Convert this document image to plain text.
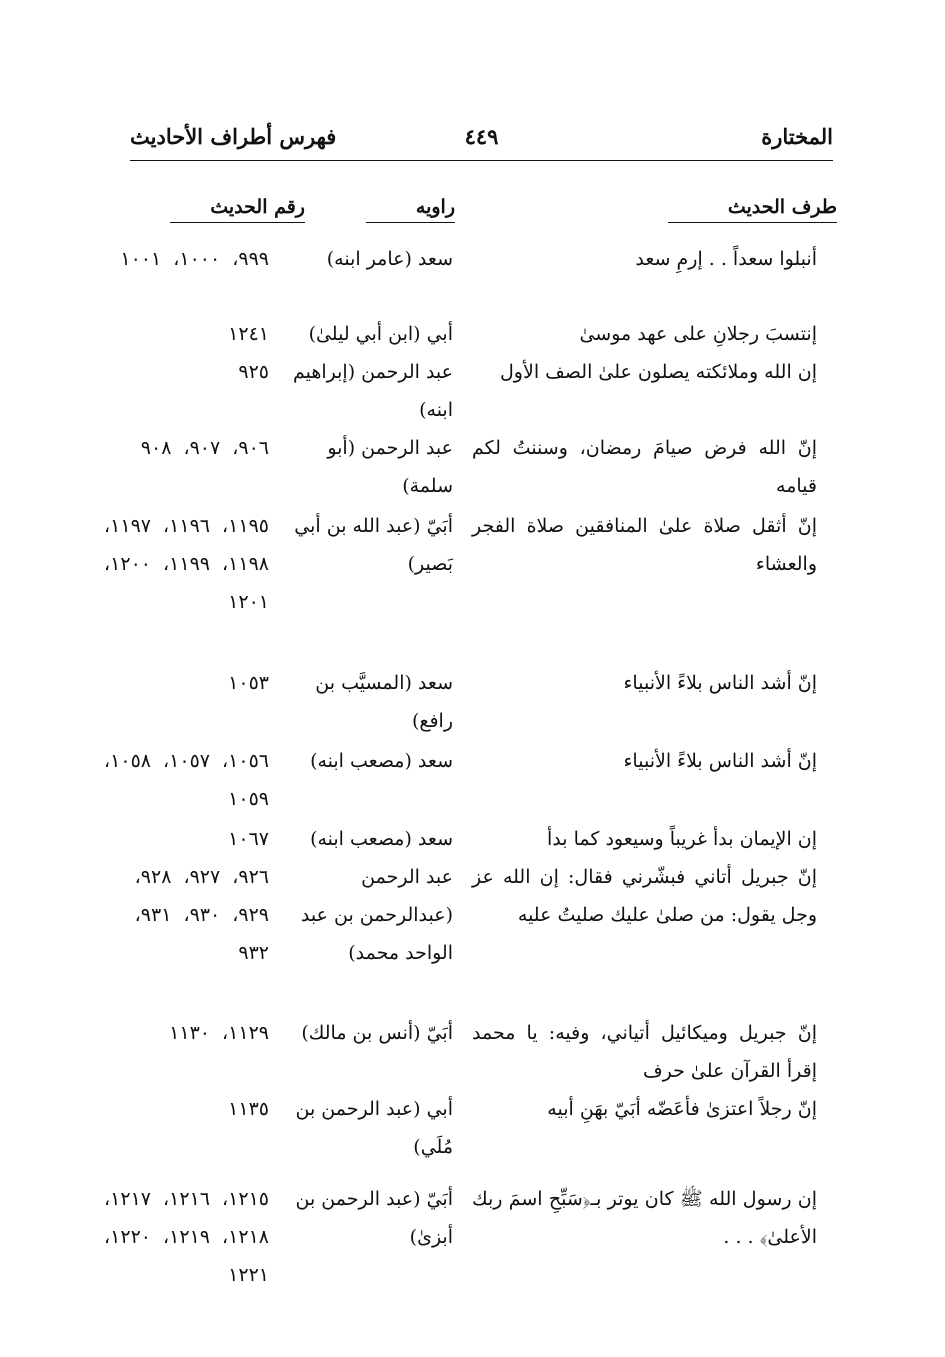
المختارة
٤٤٩
فهرس أطراف الأحاديث
طرف الحديث
راويه
رقم الحديث
أنبلوا سعداً . . إرمِ سعد
سعد (عامر ابنه)
٩٩٩، ١٠٠٠، ١٠٠١
إنتسبَ رجلانِ على عهد موسىٰ
أبي (ابن أبي ليلىٰ)
١٢٤١
إن الله وملائكته يصلون علىٰ الصف الأول
عبد الرحمن (إبراهيم ابنه)
٩٢٥
إنّ الله فرض صيامَ رمضان، وسننتُ لكم قيامه
عبد الرحمن (أبو سلمة)
٩٠٦، ٩٠٧، ٩٠٨
إنّ أثقل صلاة علىٰ المنافقين صلاة الفجر والعشاء
أبَيّ (عبد الله بن أبي بَصير)
١١٩٥، ١١٩٦، ١١٩٧، ١١٩٨، ١١٩٩، ١٢٠٠، ١٢٠١
إنّ أشد الناس بلاءً الأنبياء
سعد (المسيَّب بن رافع)
١٠٥٣
إنّ أشد الناس بلاءً الأنبياء
سعد (مصعب ابنه)
١٠٥٦، ١٠٥٧، ١٠٥٨، ١٠٥٩
إن الإيمان بدأ غريباً وسيعود كما بدأ
سعد (مصعب ابنه)
١٠٦٧
إنّ جبريل أتاني فبشّرني فقال: إن الله عز وجل يقول: من صلىٰ عليك صليتُ عليه
عبد الرحمن (عبدالرحمن بن عبد الواحد محمد)
٩٢٦، ٩٢٧، ٩٢٨، ٩٢٩، ٩٣٠، ٩٣١، ٩٣٢
إنّ جبريل وميكائيل أتياني، وفيه: يا محمد إقرأ القرآن علىٰ حرف
أبَيّ (أنس بن مالك)
١١٢٩، ١١٣٠
إنّ رجلاً اعتزىٰ فأعَضّه أبَيّ بهَنِ أبيه
أبي (عبد الرحمن بن مُلَي)
١١٣٥
إن رسول الله ﷺ كان يوتر بـ﴿سَبِّحِ اسمَ ربك الأعلىٰ﴾ . . .
أبَيّ (عبد الرحمن بن أبزىٰ)
١٢١٥، ١٢١٦، ١٢١٧، ١٢١٨، ١٢١٩، ١٢٢٠، ١٢٢١
